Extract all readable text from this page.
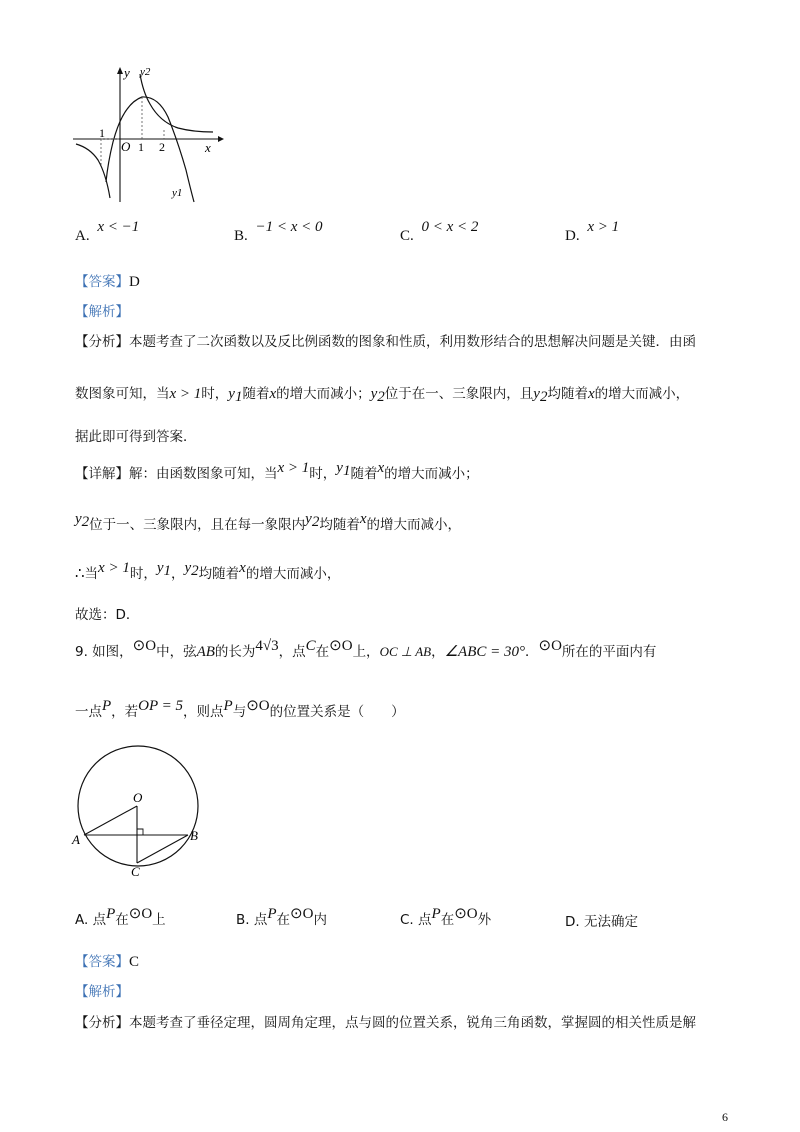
y y2
y1
x
O 1 2
1
A. x < −1
B. −1 < x < 0
C. 0 < x < 2
D. x > 1
【答案】D
【解析】
【分析】本题考查了二次函数以及反比例函数的图象和性质，利用数形结合的思想解决问题是关键．由函
数图象可知，当x > 1时，y1随着x的增大而减小；y2位于在一、三象限内，且y2均随着x的增大而减小，
据此即可得到答案．
【详解】解：由函数图象可知，当x > 1时，y1随着x的增大而减小；
y2位于一、三象限内，且在每一象限内y2均随着x的增大而减小，
∴当x > 1时，y1，y2均随着x的增大而减小，
故选：D．
9. 如图，⊙O中，弦AB的长为4√3，点C在⊙O上，OC ⊥ AB，∠ABC = 30°．⊙O所在的平面内有
一点P，若OP = 5，则点P与⊙O的位置关系是（　　）
O
A	B
C
A. 点P在⊙O上	B. 点P在⊙O内	C. 点P在⊙O外	D. 无法确定
【答案】C
【解析】
【分析】本题考查了垂径定理，圆周角定理，点与圆的位置关系，锐角三角函数，掌握圆的相关性质是解
6
